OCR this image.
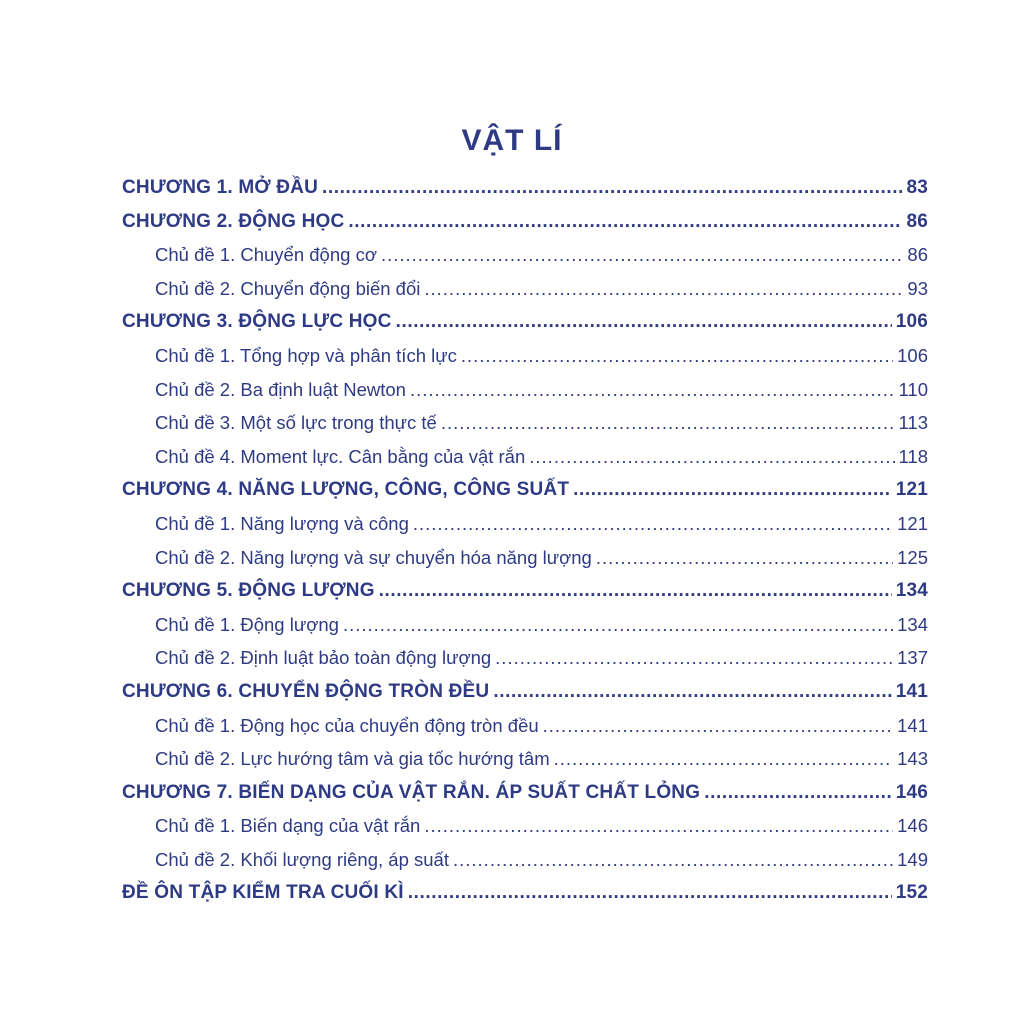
VẬT LÍ
CHƯƠNG 1. MỞ ĐẦU .....	83
CHƯƠNG 2. ĐỘNG HỌC .....	86
Chủ đề 1. Chuyển động cơ .....	86
Chủ đề 2. Chuyển động biến đổi .....	93
CHƯƠNG 3. ĐỘNG LỰC HỌC .....	106
Chủ đề 1. Tổng hợp và phân tích lực .....	106
Chủ đề 2. Ba định luật Newton .....	110
Chủ đề 3. Một số lực trong thực tế .....	113
Chủ đề 4. Moment lực. Cân bằng của vật rắn .....	118
CHƯƠNG 4. NĂNG LƯỢNG, CÔNG, CÔNG SUẤT .....	121
Chủ đề 1. Năng lượng và công .....	121
Chủ đề 2. Năng lượng và sự chuyển hóa năng lượng .....	125
CHƯƠNG 5. ĐỘNG LƯỢNG .....	134
Chủ đề 1. Động lượng .....	134
Chủ đề 2. Định luật bảo toàn động lượng .....	137
CHƯƠNG 6. CHUYỂN ĐỘNG TRÒN ĐỀU .....	141
Chủ đề 1. Động học của chuyển động tròn đều .....	141
Chủ đề 2. Lực hướng tâm và gia tốc hướng tâm .....	143
CHƯƠNG 7. BIẾN DẠNG CỦA VẬT RẮN. ÁP SUẤT CHẤT LỎNG .....	146
Chủ đề 1. Biến dạng của vật rắn .....	146
Chủ đề 2. Khối lượng riêng, áp suất .....	149
ĐỀ ÔN TẬP KIỂM TRA CUỐI KÌ .....	152
